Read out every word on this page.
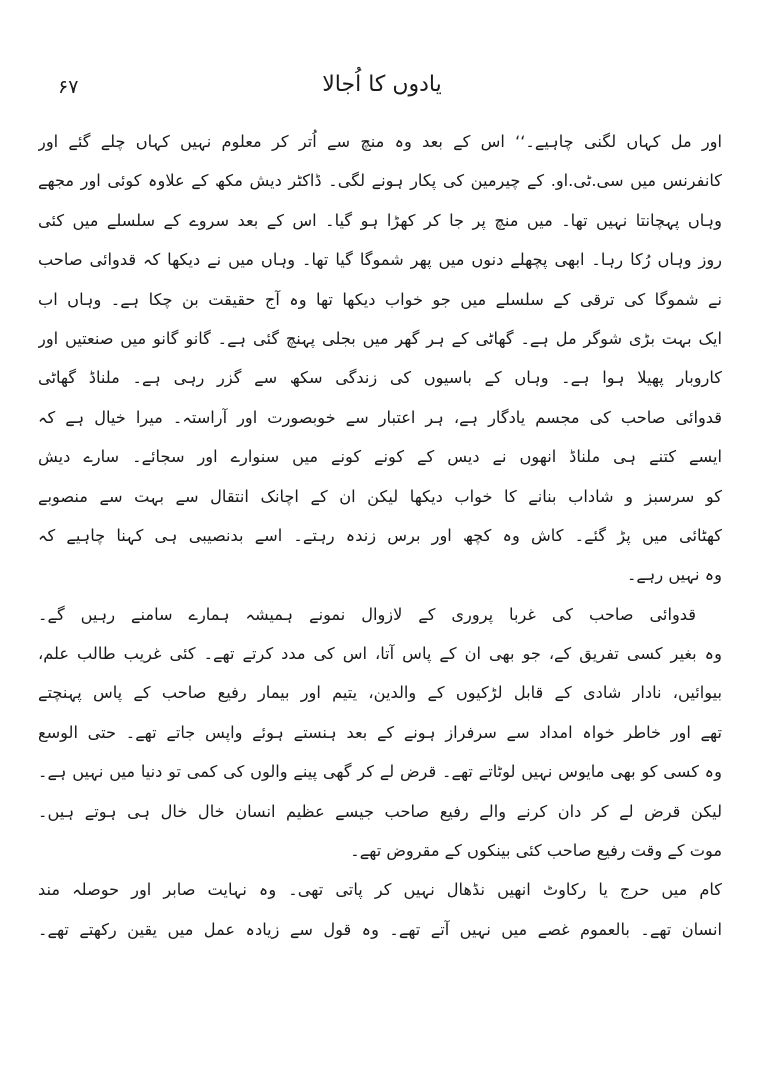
۶۷	یادوں کا اُجالا
اور مل کہاں لگنی چاہیے۔‘‘ اس کے بعد وہ منچ سے اُتر کر معلوم نہیں کہاں چلے گئے اور
کانفرنس میں سی.ٹی.او. کے چیرمین کی پکار ہونے لگی۔ ڈاکٹر دیش مکھ کے علاوہ کوئی اور مجھے
وہاں پہچانتا نہیں تھا۔ میں منچ پر جا کر کھڑا ہو گیا۔ اس کے بعد سروے کے سلسلے میں کئی
روز وہاں رُکا رہا۔ ابھی پچھلے دنوں میں پھر شموگا گیا تھا۔ وہاں میں نے دیکھا کہ قدوائی صاحب
نے شموگا کی ترقی کے سلسلے میں جو خواب دیکھا تھا وہ آج حقیقت بن چکا ہے۔ وہاں اب
ایک بہت بڑی شوگر مل ہے۔ گھاٹی کے ہر گھر میں بجلی پہنچ گئی ہے۔ گانو گانو میں صنعتیں اور
کاروبار پھیلا ہوا ہے۔ وہاں کے باسیوں کی زندگی سکھ سے گزر رہی ہے۔ ملناڈ گھاٹی
قدوائی صاحب کی مجسم یادگار ہے، ہر اعتبار سے خوبصورت اور آراستہ۔ میرا خیال ہے کہ
ایسے کتنے ہی ملناڈ انھوں نے دیس کے کونے کونے میں سنوارے اور سجائے۔ سارے دیش
کو سرسبز و شاداب بنانے کا خواب دیکھا لیکن ان کے اچانک انتقال سے بہت سے منصوبے
کھٹائی میں پڑ گئے۔ کاش وہ کچھ اور برس زندہ رہتے۔ اسے بدنصیبی ہی کہنا چاہیے کہ
وہ نہیں رہے۔
قدوائی صاحب کی غربا پروری کے لازوال نمونے ہمیشہ ہمارے سامنے رہیں گے۔
وہ بغیر کسی تفریق کے، جو بھی ان کے پاس آتا، اس کی مدد کرتے تھے۔ کئی غریب طالب علم،
بیوائیں، نادار شادی کے قابل لڑکیوں کے والدین، یتیم اور بیمار رفیع صاحب کے پاس پہنچتے
تھے اور خاطر خواہ امداد سے سرفراز ہونے کے بعد ہنستے ہوئے واپس جاتے تھے۔ حتی الوسع
وہ کسی کو بھی مایوس نہیں لوٹاتے تھے۔ قرض لے کر گھی پینے والوں کی کمی تو دنیا میں نہیں ہے۔
لیکن قرض لے کر دان کرنے والے رفیع صاحب جیسے عظیم انسان خال خال ہی ہوتے ہیں۔
موت کے وقت رفیع صاحب کئی بینکوں کے مقروض تھے۔
کام میں حرج یا رکاوٹ انھیں نڈھال نہیں کر پاتی تھی۔ وہ نہایت صابر اور حوصلہ مند
انسان تھے۔ بالعموم غصے میں نہیں آتے تھے۔ وہ قول سے زیادہ عمل میں یقین رکھتے تھے۔
